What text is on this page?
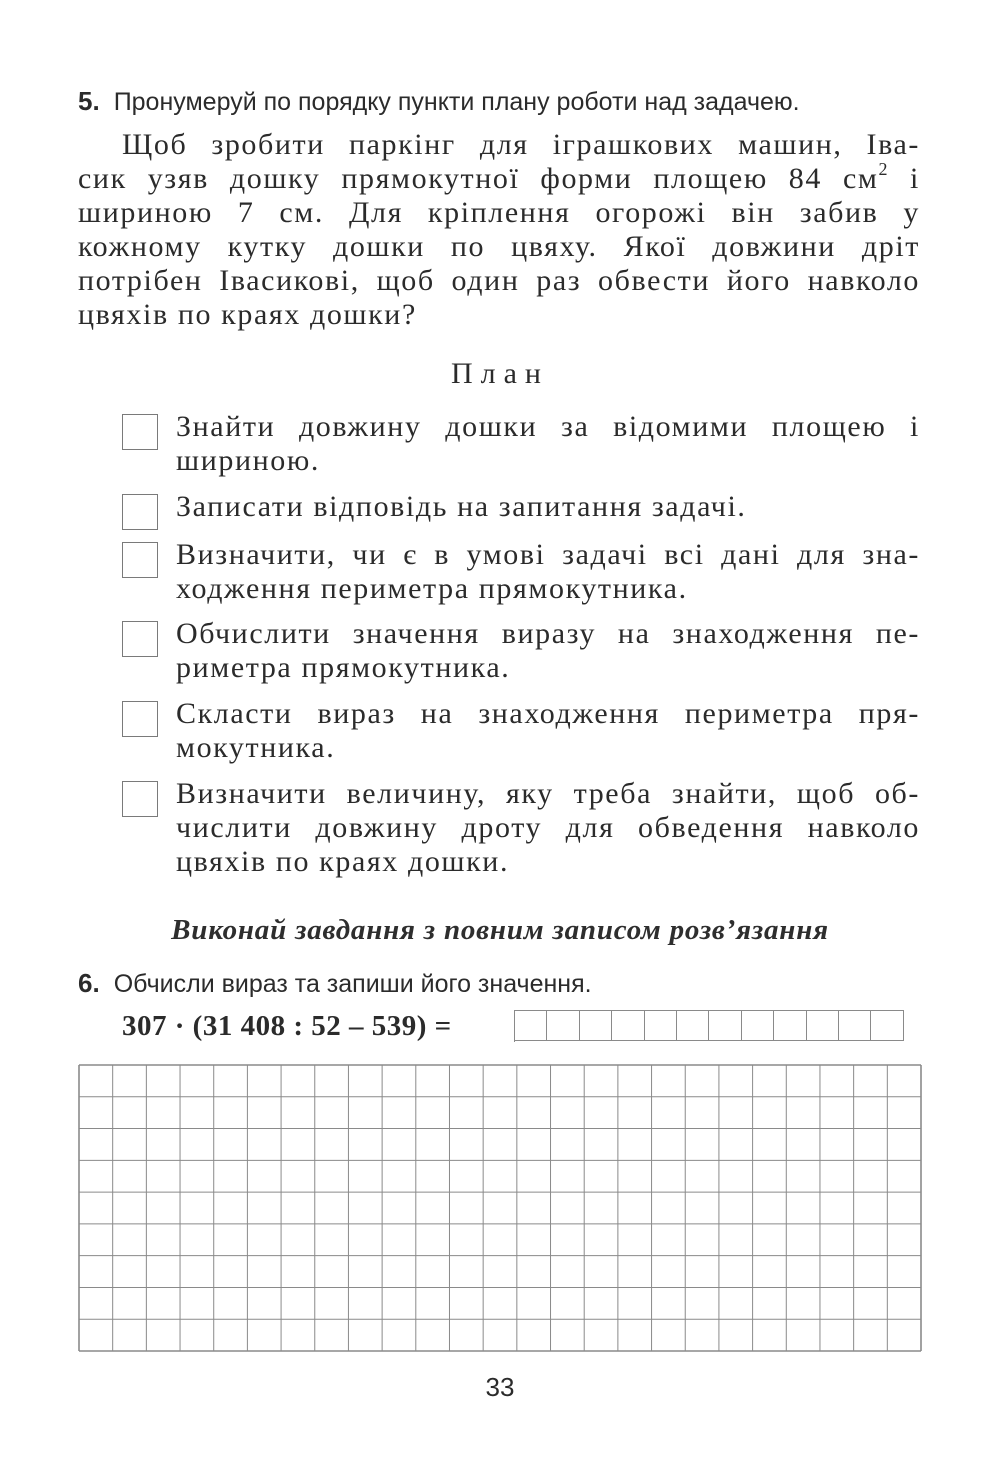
5. Пронумеруй по порядку пункти плану роботи над задачею.
Щоб зробити паркінг для іграшкових машин, Іва-
сик узяв дошку прямокутної форми площею 84 $см^2$ і
шириною 7 см. Для кріплення огорожі він забив у
кожному кутку дошки по цвяху. Якої довжини дріт
потрібен Івасикові, щоб один раз обвести його навколо
цвяхів по краях дошки?
План
Знайти довжину дошки за відомими площею і
шириною.
Записати відповідь на запитання задачі.
Визначити, чи є в умові задачі всі дані для зна-
ходження периметра прямокутника.
Обчислити значення виразу на знаходження пе-
риметра прямокутника.
Скласти вираз на знаходження периметра пря-
мокутника.
Визначити величину, яку треба знайти, щоб об-
числити довжину дроту для обведення навколо
цвяхів по краях дошки.
Виконай завдання з повним записом розв’язання
6. Обчисли вираз та запиши його значення.
307 · (31 408 : 52 – 539) =
33
